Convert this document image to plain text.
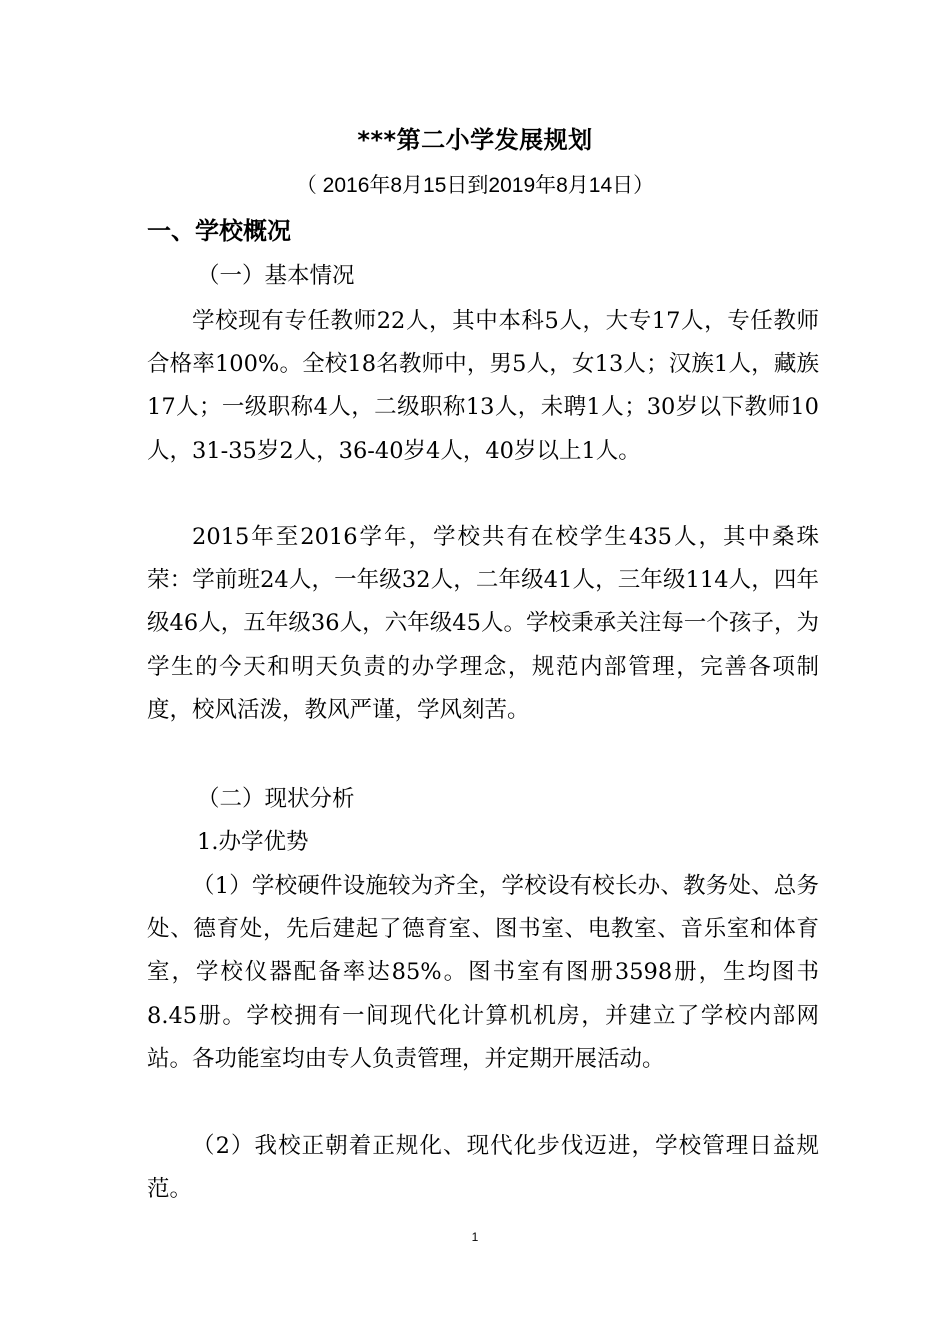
***第二小学发展规划
（ 2016年8月15日到2019年8月14日）
一、学校概况
（一）基本情况

学校现有专任教师22人，其中本科5人，大专17人，专任教师合格率100%。全校18名教师中，男5人，女13人；汉族1人，藏族17人；一级职称4人，二级职称13人，未聘1人；30岁以下教师10人，31-35岁2人，36-40岁4人，40岁以上1人。

2015年至2016学年，学校共有在校学生435人，其中桑珠荣：学前班24人，一年级32人，二年级41人，三年级114人，四年级46人，五年级36人，六年级45人。学校秉承关注每一个孩子，为学生的今天和明天负责的办学理念，规范内部管理，完善各项制度，校风活泼，教风严谨，学风刻苦。

（二）现状分析
1.办学优势

（1）学校硬件设施较为齐全，学校设有校长办、教务处、总务处、德育处，先后建起了德育室、图书室、电教室、音乐室和体育室，学校仪器配备率达85%。图书室有图册3598册，生均图书8.45册。学校拥有一间现代化计算机机房，并建立了学校内部网站。各功能室均由专人负责管理，并定期开展活动。

（2）我校正朝着正规化、现代化步伐迈进，学校管理日益规范。

1
